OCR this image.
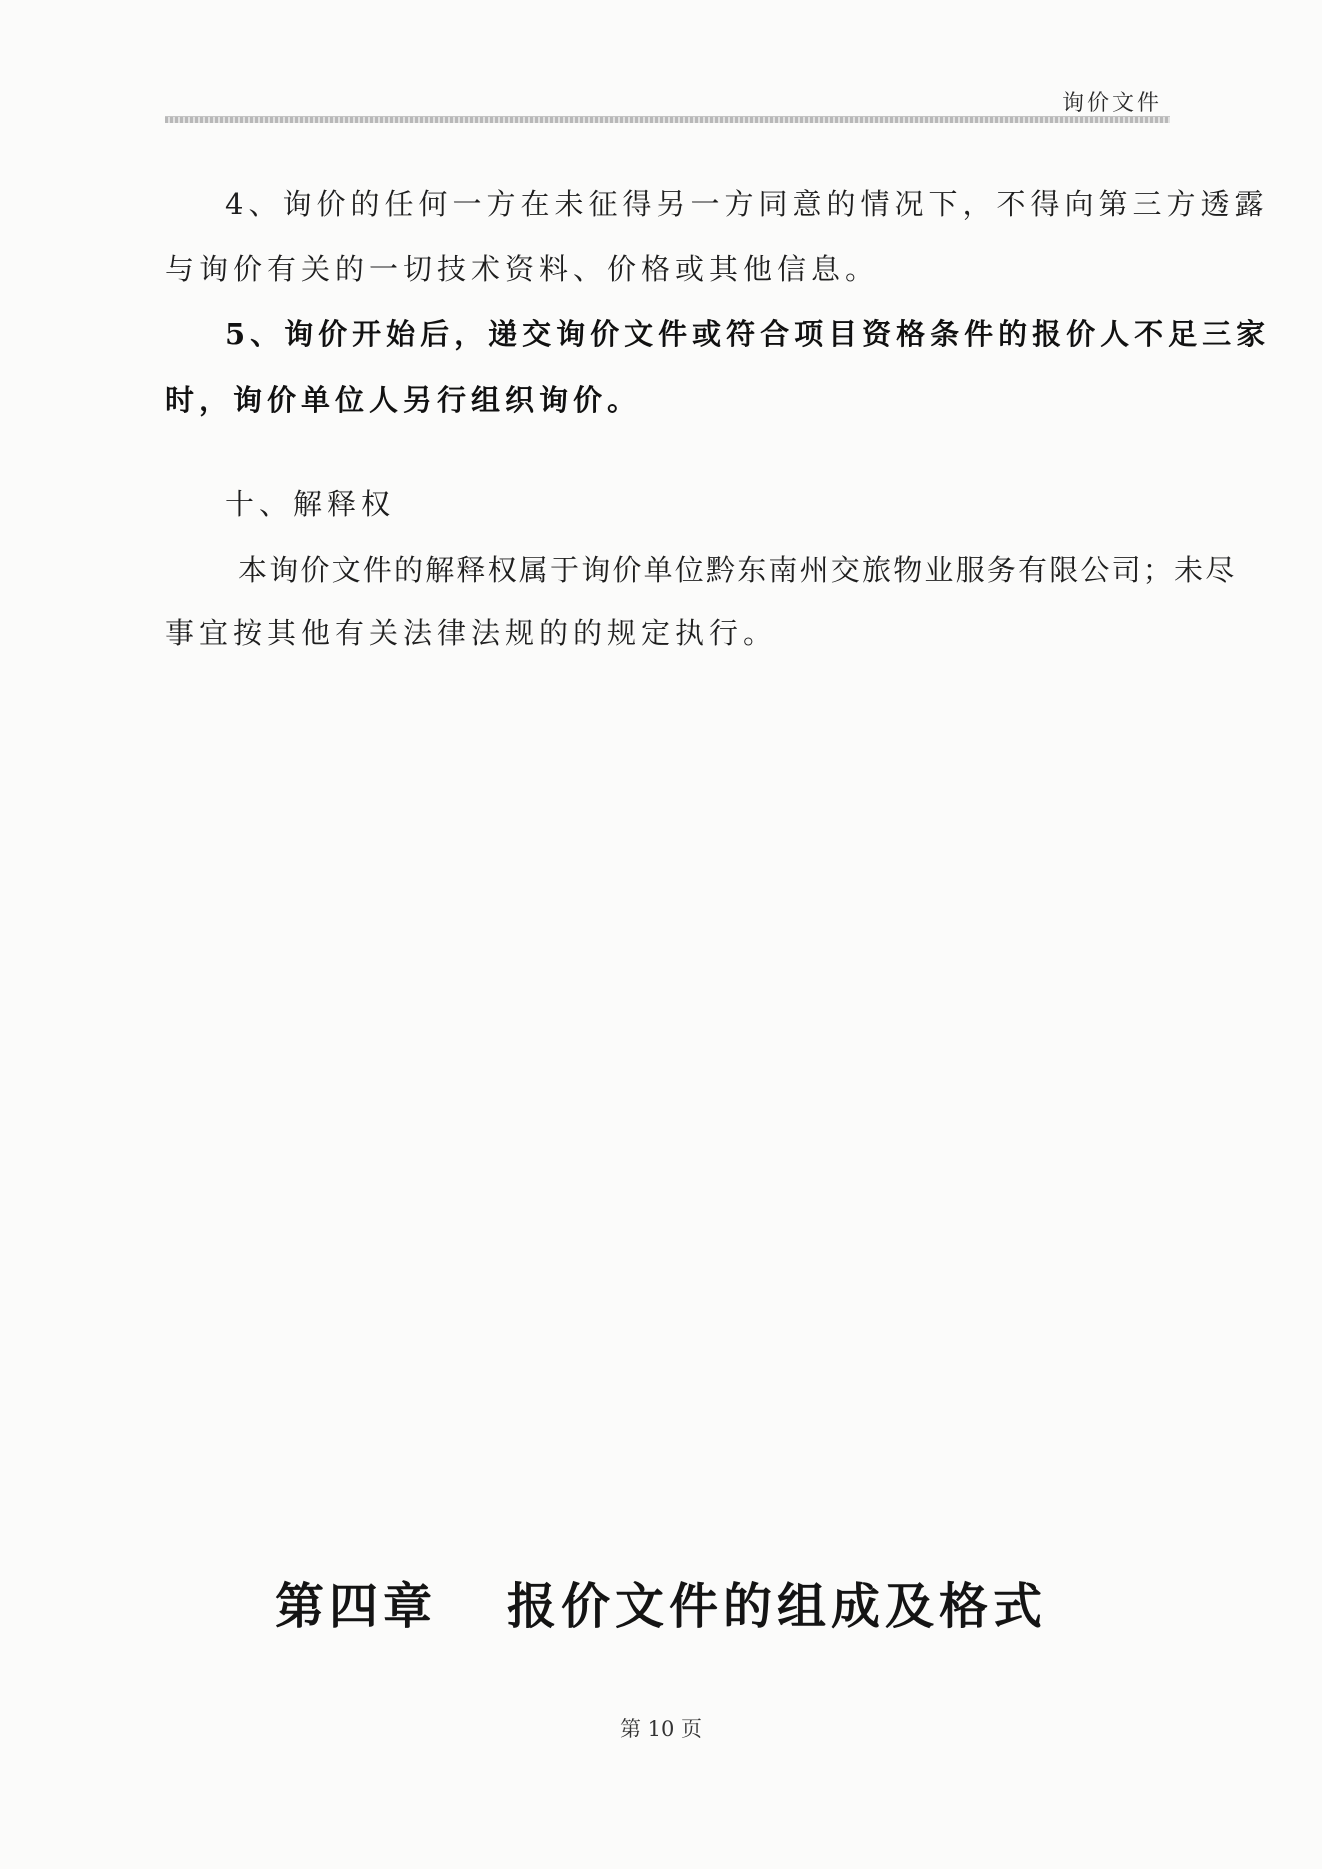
询价文件

4、询价的任何一方在未征得另一方同意的情况下，不得向第三方透露

与询价有关的一切技术资料、价格或其他信息。

5、询价开始后，递交询价文件或符合项目资格条件的报价人不足三家

时，询价单位人另行组织询价。

十、解释权

本询价文件的解释权属于询价单位黔东南州交旅物业服务有限公司；未尽

事宜按其他有关法律法规的的规定执行。

第四章 报价文件的组成及格式
第 10 页
